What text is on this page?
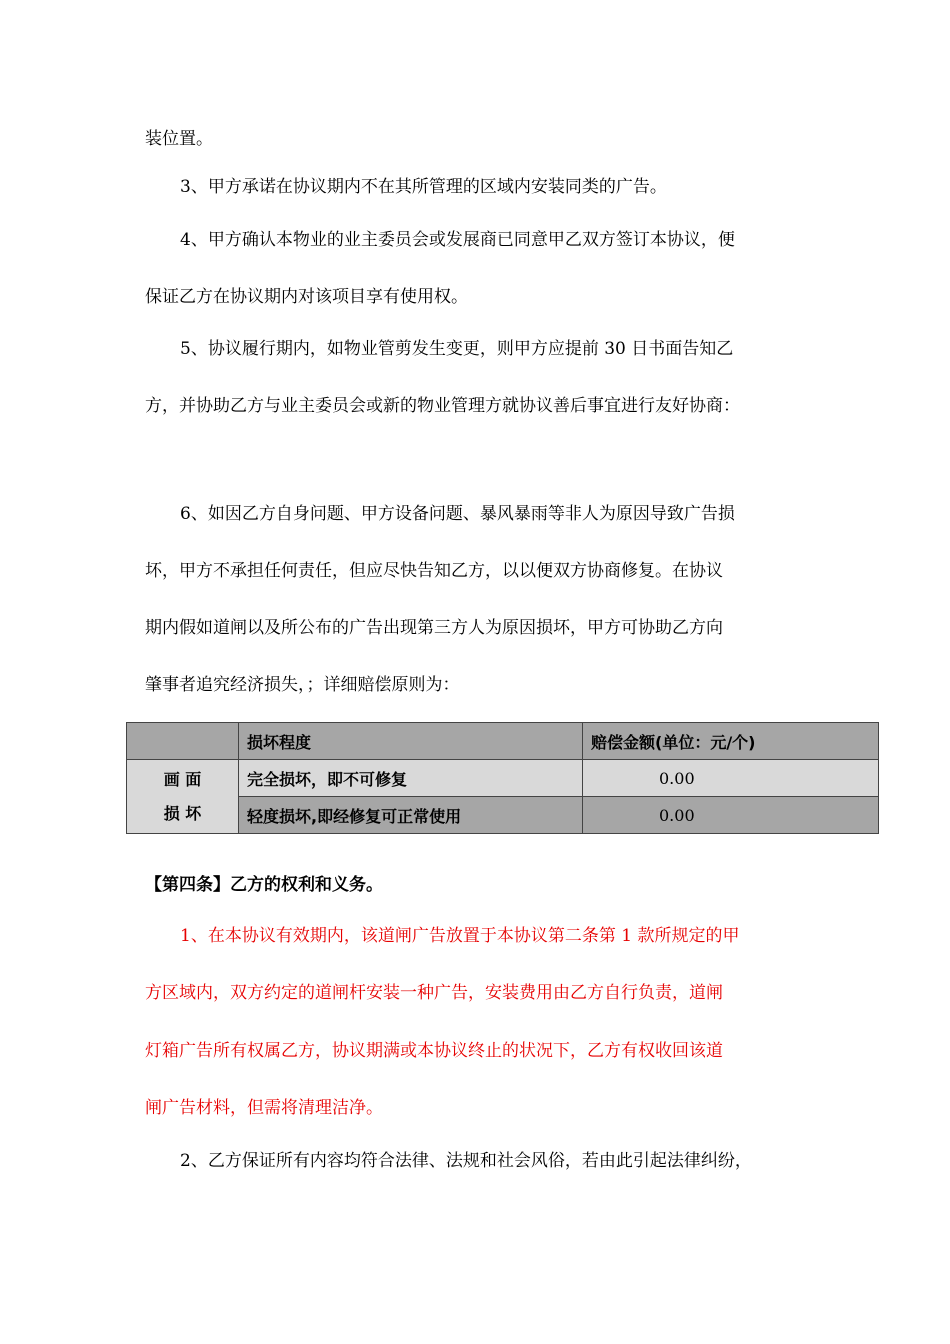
装位置。
3、甲方承诺在协议期内不在其所管理的区域内安装同类的广告。
4、甲方确认本物业的业主委员会或发展商已同意甲乙双方签订本协议，便
保证乙方在协议期内对该项目享有使用权。
5、协议履行期内，如物业管剪发生变更，则甲方应提前 30 日书面告知乙
方，并协助乙方与业主委员会或新的物业管理方就协议善后事宜进行友好协商：
6、如因乙方自身问题、甲方设备问题、暴风暴雨等非人为原因导致广告损
坏，甲方不承担任何责任，但应尽快告知乙方，以以便双方协商修复。在协议
期内假如道闸以及所公布的广告出现第三方人为原因损坏，甲方可协助乙方向
肇事者追究经济损失，；详细赔偿原则为：
	损坏程度	赔偿金额(单位：元/个)

画 面
损 坏	完全损坏，即不可修复	0.00
	轻度损坏,即经修复可正常使用	0.00
【第四条】乙方的权利和义务。
1、在本协议有效期内，该道闸广告放置于本协议第二条第 1 款所规定的甲
方区域内，双方约定的道闸杆安装一种广告，安装费用由乙方自行负责，道闸
灯箱广告所有权属乙方，协议期满或本协议终止的状况下，乙方有权收回该道
闸广告材料，但需将清理洁净。
2、乙方保证所有内容均符合法律、法规和社会风俗，若由此引起法律纠纷，
